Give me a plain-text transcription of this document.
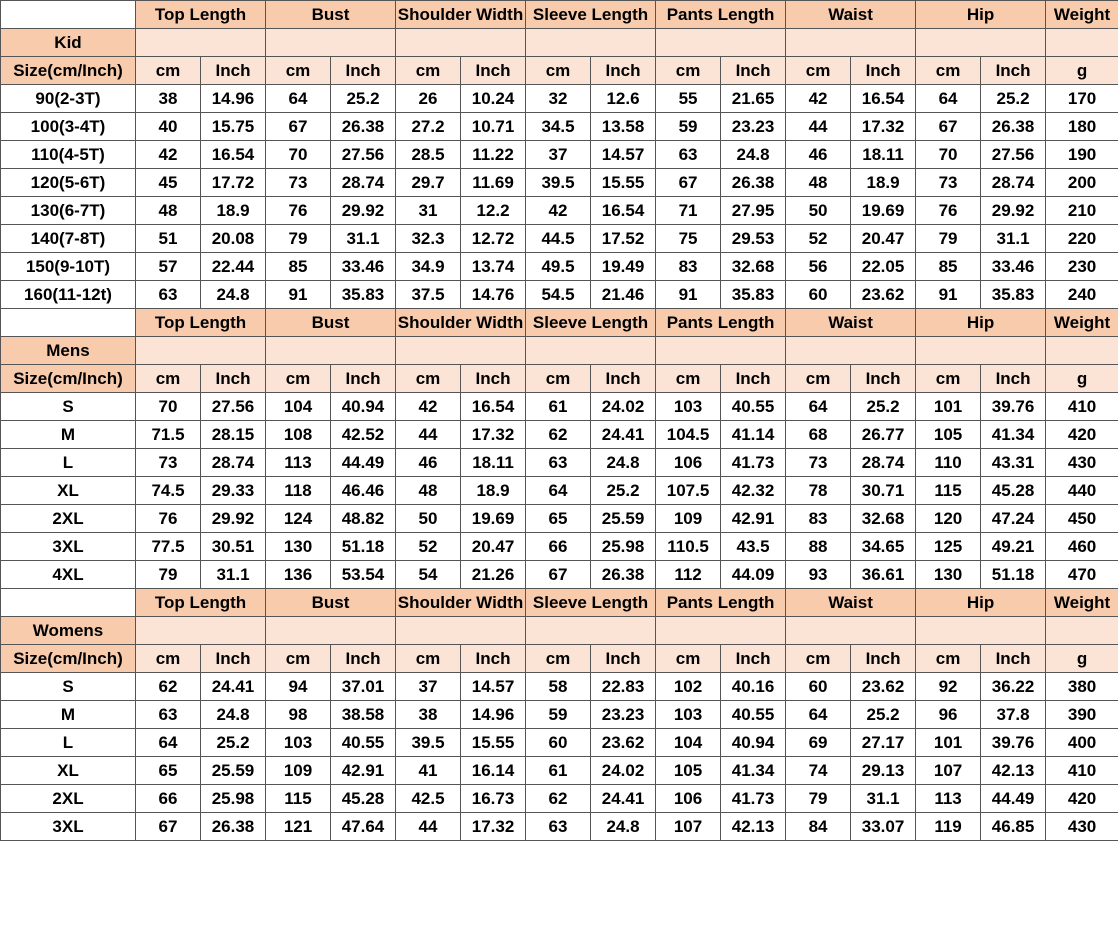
	Top Length		Bust		Shoulder Width		Sleeve Length		Pants Length		Waist		Hip		Weight
Kid															
Size(cm/Inch)	cm	Inch	cm	Inch	cm	Inch	cm	Inch	cm	Inch	cm	Inch	cm	Inch	g
90(2-3T)	38	14.96	64	25.2	26	10.24	32	12.6	55	21.65	42	16.54	64	25.2	170
100(3-4T)	40	15.75	67	26.38	27.2	10.71	34.5	13.58	59	23.23	44	17.32	67	26.38	180
110(4-5T)	42	16.54	70	27.56	28.5	11.22	37	14.57	63	24.8	46	18.11	70	27.56	190
120(5-6T)	45	17.72	73	28.74	29.7	11.69	39.5	15.55	67	26.38	48	18.9	73	28.74	200
130(6-7T)	48	18.9	76	29.92	31	12.2	42	16.54	71	27.95	50	19.69	76	29.92	210
140(7-8T)	51	20.08	79	31.1	32.3	12.72	44.5	17.52	75	29.53	52	20.47	79	31.1	220
150(9-10T)	57	22.44	85	33.46	34.9	13.74	49.5	19.49	83	32.68	56	22.05	85	33.46	230
160(11-12t)	63	24.8	91	35.83	37.5	14.76	54.5	21.46	91	35.83	60	23.62	91	35.83	240
	Top Length		Bust		Shoulder Width		Sleeve Length		Pants Length		Waist		Hip		Weight
Mens															
Size(cm/Inch)	cm	Inch	cm	Inch	cm	Inch	cm	Inch	cm	Inch	cm	Inch	cm	Inch	g
S	70	27.56	104	40.94	42	16.54	61	24.02	103	40.55	64	25.2	101	39.76	410
M	71.5	28.15	108	42.52	44	17.32	62	24.41	104.5	41.14	68	26.77	105	41.34	420
L	73	28.74	113	44.49	46	18.11	63	24.8	106	41.73	73	28.74	110	43.31	430
XL	74.5	29.33	118	46.46	48	18.9	64	25.2	107.5	42.32	78	30.71	115	45.28	440
2XL	76	29.92	124	48.82	50	19.69	65	25.59	109	42.91	83	32.68	120	47.24	450
3XL	77.5	30.51	130	51.18	52	20.47	66	25.98	110.5	43.5	88	34.65	125	49.21	460
4XL	79	31.1	136	53.54	54	21.26	67	26.38	112	44.09	93	36.61	130	51.18	470
	Top Length		Bust		Shoulder Width		Sleeve Length		Pants Length		Waist		Hip		Weight
Womens															
Size(cm/Inch)	cm	Inch	cm	Inch	cm	Inch	cm	Inch	cm	Inch	cm	Inch	cm	Inch	g
S	62	24.41	94	37.01	37	14.57	58	22.83	102	40.16	60	23.62	92	36.22	380
M	63	24.8	98	38.58	38	14.96	59	23.23	103	40.55	64	25.2	96	37.8	390
L	64	25.2	103	40.55	39.5	15.55	60	23.62	104	40.94	69	27.17	101	39.76	400
XL	65	25.59	109	42.91	41	16.14	61	24.02	105	41.34	74	29.13	107	42.13	410
2XL	66	25.98	115	45.28	42.5	16.73	62	24.41	106	41.73	79	31.1	113	44.49	420
3XL	67	26.38	121	47.64	44	17.32	63	24.8	107	42.13	84	33.07	119	46.85	430
